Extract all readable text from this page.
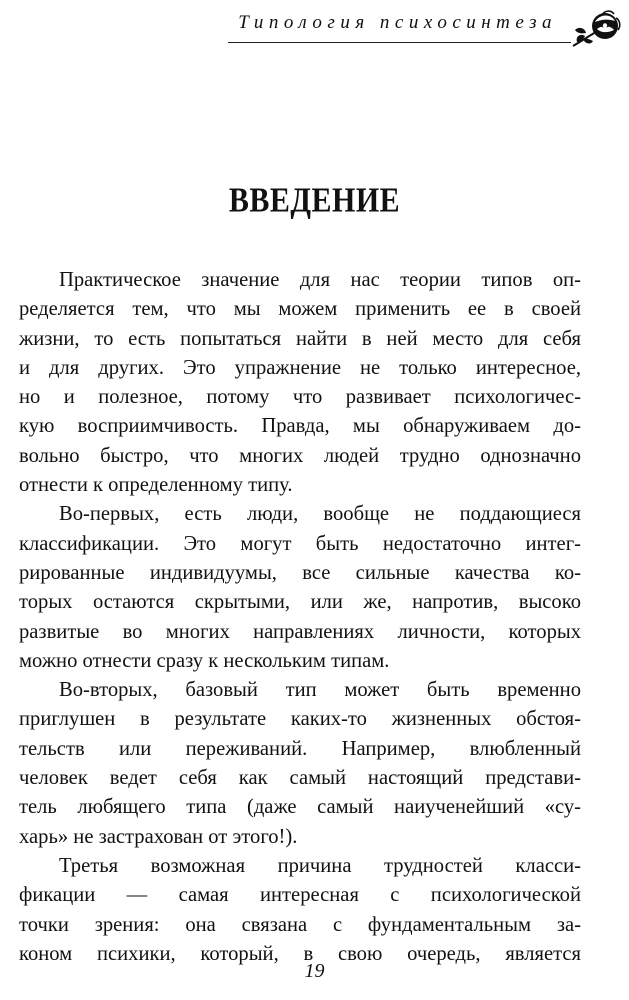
Типология психосинтеза
ВВЕДЕНИЕ

Практическое значение для нас теории типов оп-
ределяется тем, что мы можем применить ее в своей
жизни, то есть попытаться найти в ней место для себя
и для других. Это упражнение не только интересное,
но и полезное, потому что развивает психологичес-
кую восприимчивость. Правда, мы обнаруживаем до-
вольно быстро, что многих людей трудно однозначно
отнести к определенному типу.

Во-первых, есть люди, вообще не поддающиеся
классификации. Это могут быть недостаточно интег-
рированные индивидуумы, все сильные качества ко-
торых остаются скрытыми, или же, напротив, высоко
развитые во многих направлениях личности, которых
можно отнести сразу к нескольким типам.

Во-вторых, базовый тип может быть временно
приглушен в результате каких-то жизненных обстоя-
тельств или переживаний. Например, влюбленный
человек ведет себя как самый настоящий представи-
тель любящего типа (даже самый наиученейший «су-
харь» не застрахован от этого!).

Третья возможная причина трудностей класси-
фикации — самая интересная с психологической
точки зрения: она связана с фундаментальным за-
коном психики, который, в свою очередь, является

19
